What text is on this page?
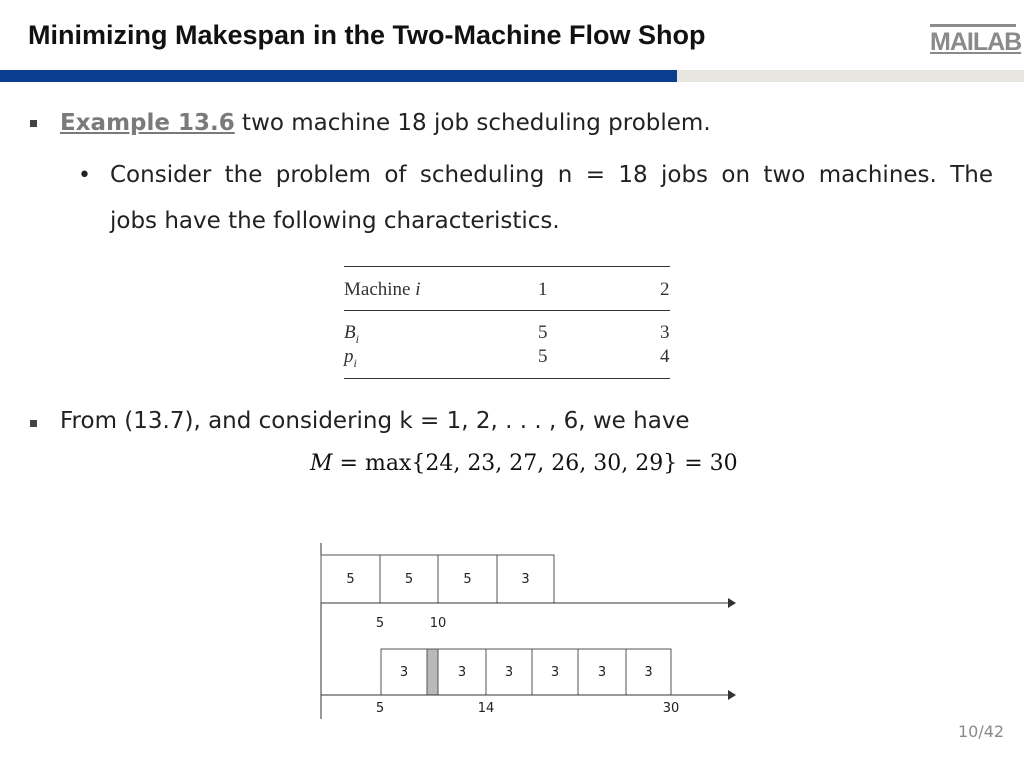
Minimizing Makespan in the Two-Machine Flow Shop	MAILAB
Example 13.6 two machine 18 job scheduling problem.
• Consider the problem of scheduling n = 18 jobs on two machines. The
jobs have the following characteristics.
Machine i	1	2
$B_i$	5	3
$p_i$	5	4
From (13.7), and considering k = 1, 2, . . . , 6, we have
M = max{24, 23, 27, 26, 30, 29} = 30
5	5	5	3
5	10
3	3	3	3	3	3
5	14	30
10/42
